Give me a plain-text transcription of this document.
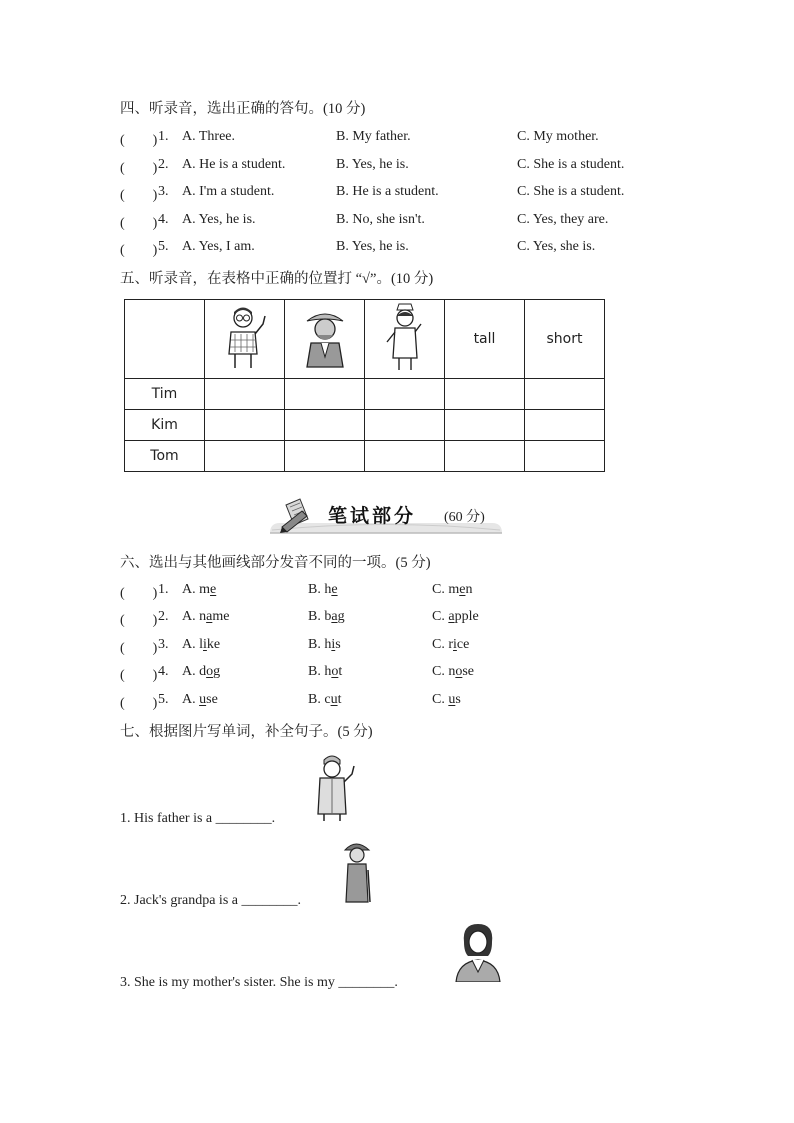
四、听录音，选出正确的答句。(10 分)
(　　) 1. A. Three.	B. My father.	C. My mother.
(　　) 2. A. He is a student.	B. Yes, he is.	C. She is a student.
(　　) 3. A. I'm a student.	B. He is a student.	C. She is a student.
(　　) 4. A. Yes, he is.	B. No, she isn't.	C. Yes, they are.
(　　) 5. A. Yes, I am.	B. Yes, he is.	C. Yes, she is.
五、听录音，在表格中正确的位置打 “√”。(10 分)
				tall	short
Tim					
Kim					
Tom					
笔试部分 (60 分)
六、选出与其他画线部分发音不同的一项。(5 分)
(　　) 1. A. me	B. he	C. men
(　　) 2. A. name	B. bag	C. apple
(　　) 3. A. like	B. his	C. rice
(　　) 4. A. dog	B. hot	C. nose
(　　) 5. A. use	B. cut	C. us
七、根据图片写单词，补全句子。(5 分)
1. His father is a ________.
2. Jack's grandpa is a ________.
3. She is my mother's sister. She is my ________.
